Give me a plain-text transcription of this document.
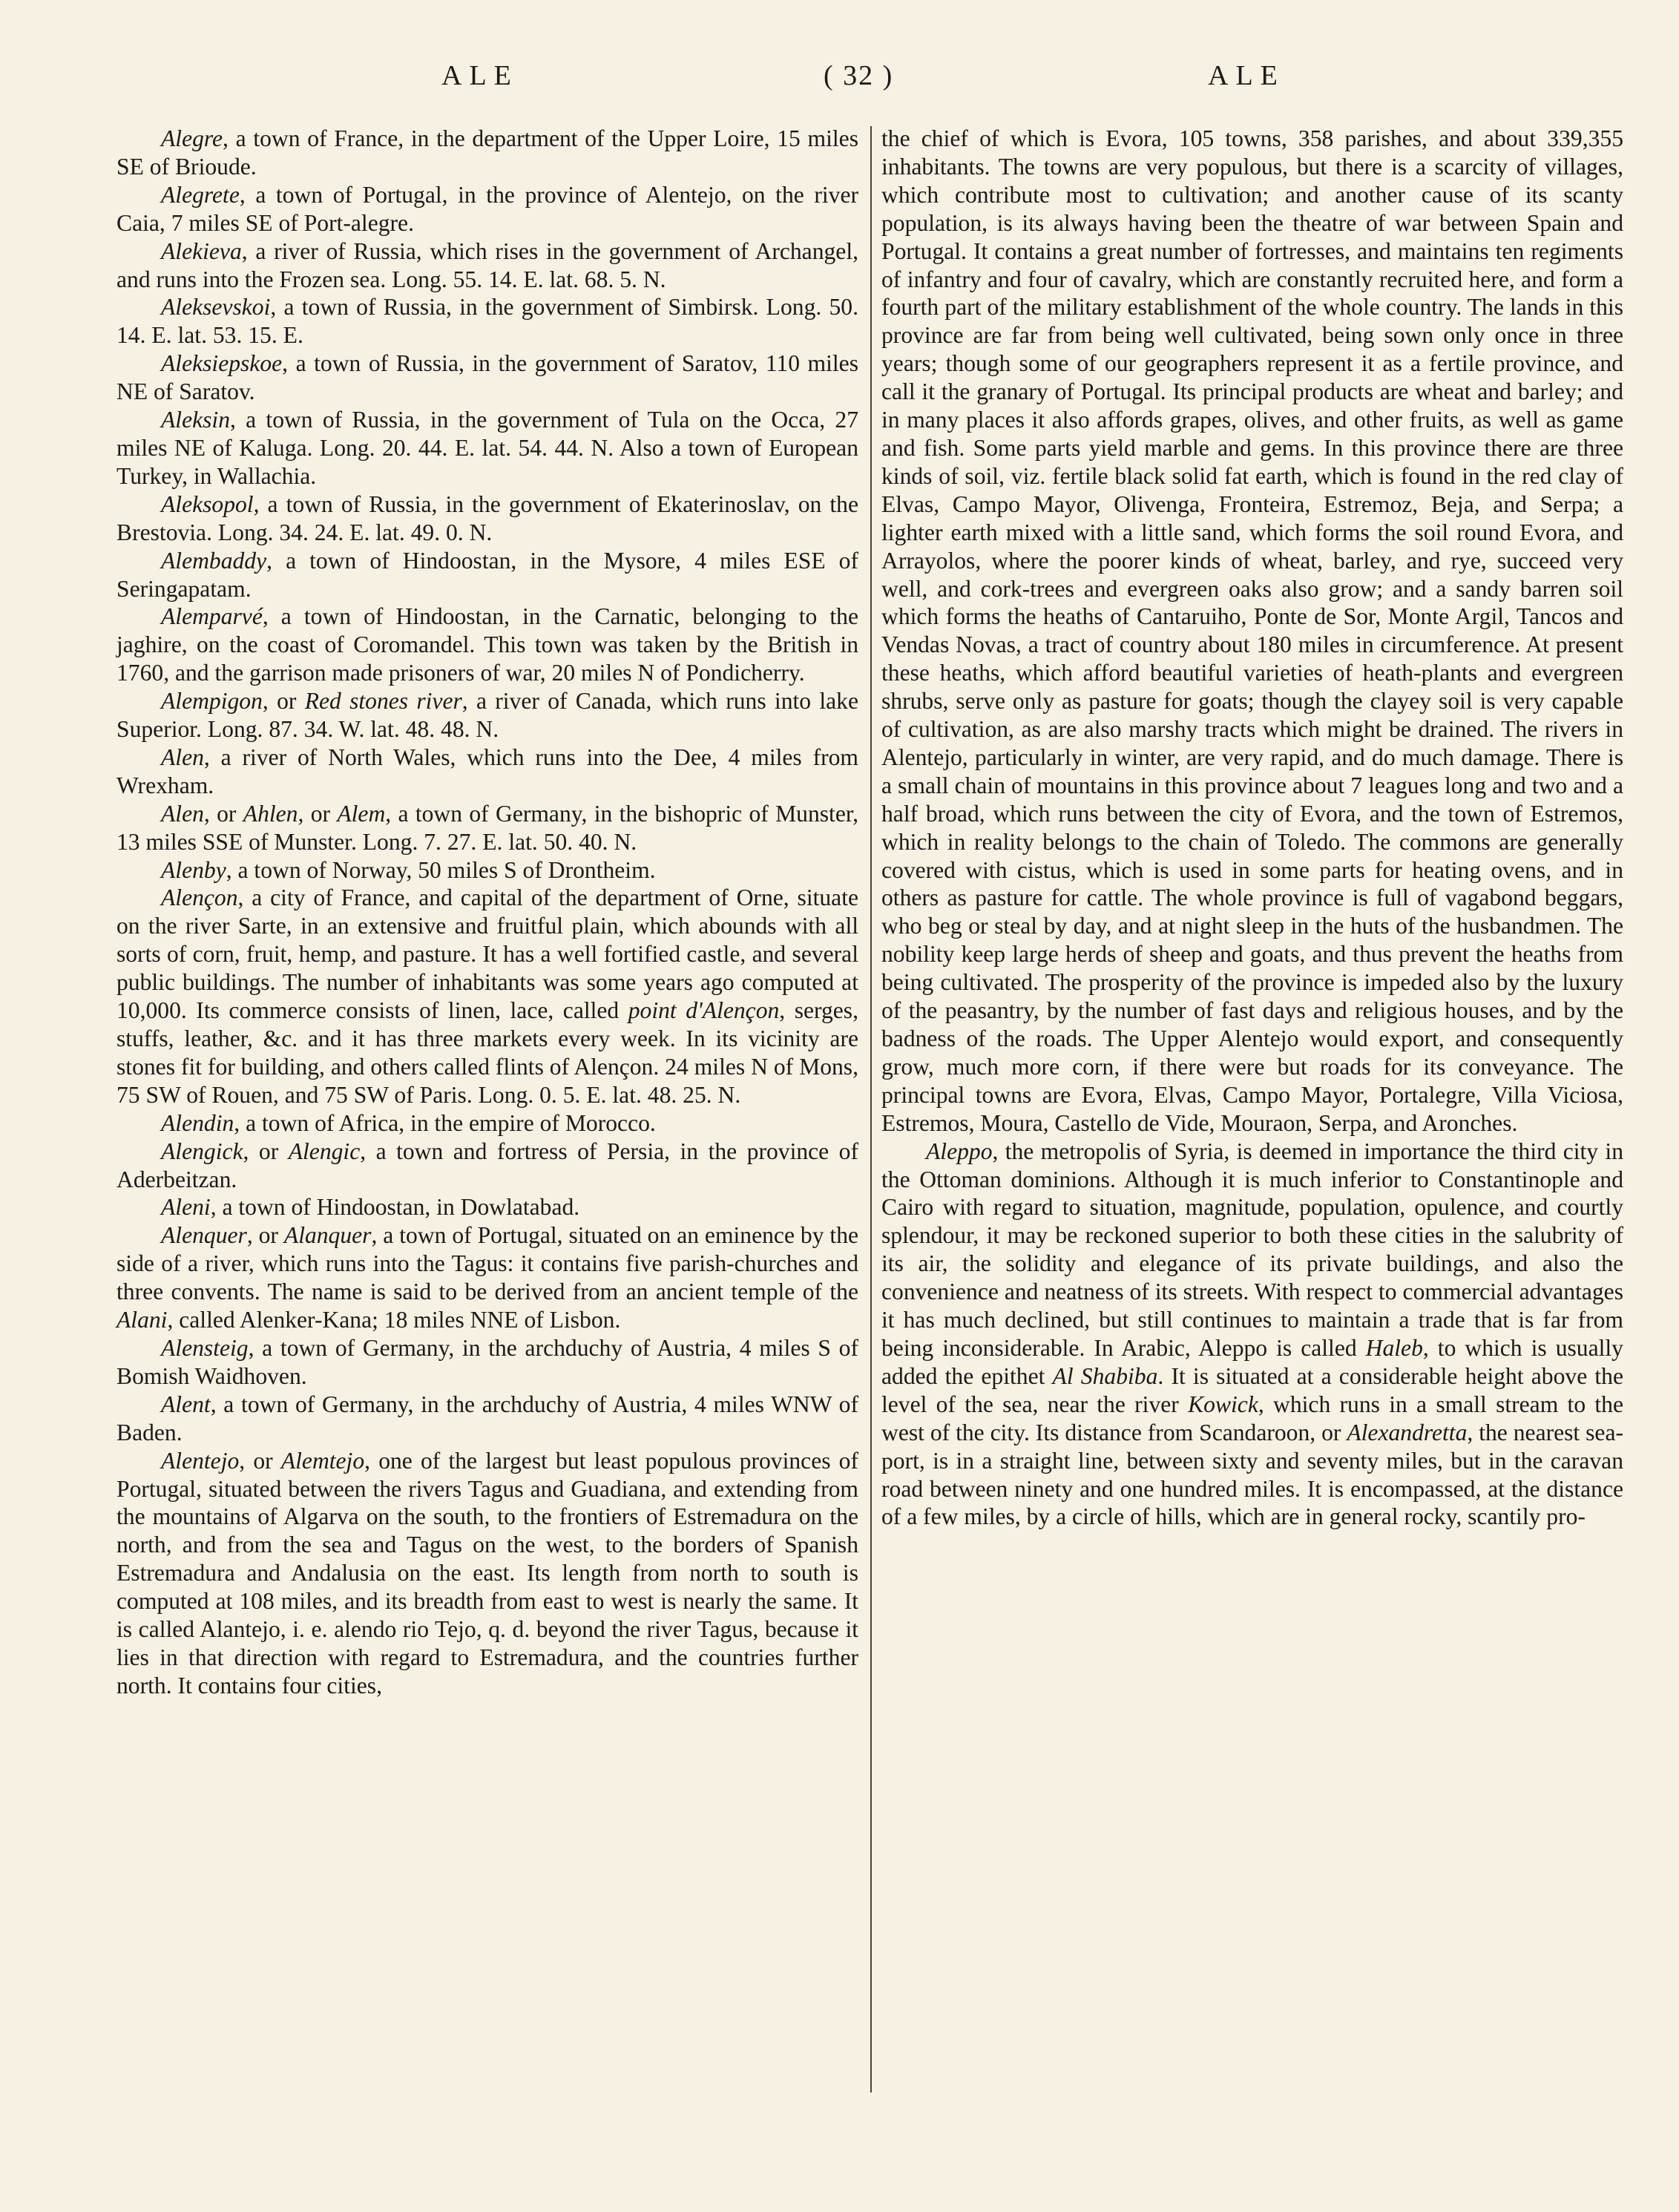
ALE	( 32 )	ALE

Alegre, a town of France, in the department of the Upper Loire, 15 miles SE of Brioude.

Alegrete, a town of Portugal, in the province of Alentejo, on the river Caia, 7 miles SE of Port-alegre.

Alekieva, a river of Russia, which rises in the government of Archangel, and runs into the Frozen sea. Long. 55. 14. E. lat. 68. 5. N.

Aleksevskoi, a town of Russia, in the government of Simbirsk. Long. 50. 14. E. lat. 53. 15. E.

Aleksiepskoe, a town of Russia, in the government of Saratov, 110 miles NE of Saratov.

Aleksin, a town of Russia, in the government of Tula on the Occa, 27 miles NE of Kaluga. Long. 20. 44. E. lat. 54. 44. N. Also a town of European Turkey, in Wallachia.

Aleksopol, a town of Russia, in the government of Ekaterinoslav, on the Brestovia. Long. 34. 24. E. lat. 49. 0. N.

Alembaddy, a town of Hindoostan, in the Mysore, 4 miles ESE of Seringapatam.

Alemparvé, a town of Hindoostan, in the Carnatic, belonging to the jaghire, on the coast of Coromandel. This town was taken by the British in 1760, and the garrison made prisoners of war, 20 miles N of Pondicherry.

Alempigon, or Red stones river, a river of Canada, which runs into lake Superior. Long. 87. 34. W. lat. 48. 48. N.

Alen, a river of North Wales, which runs into the Dee, 4 miles from Wrexham.

Alen, or Ahlen, or Alem, a town of Germany, in the bishopric of Munster, 13 miles SSE of Munster. Long. 7. 27. E. lat. 50. 40. N.

Alenby, a town of Norway, 50 miles S of Drontheim.

Alençon, a city of France, and capital of the department of Orne, situate on the river Sarte, in an extensive and fruitful plain, which abounds with all sorts of corn, fruit, hemp, and pasture. It has a well fortified castle, and several public buildings. The number of inhabitants was some years ago computed at 10,000. Its commerce consists of linen, lace, called point d'Alençon, serges, stuffs, leather, &c. and it has three markets every week. In its vicinity are stones fit for building, and others called flints of Alençon. 24 miles N of Mons, 75 SW of Rouen, and 75 SW of Paris. Long. 0. 5. E. lat. 48. 25. N.

Alendin, a town of Africa, in the empire of Morocco.

Alengick, or Alengic, a town and fortress of Persia, in the province of Aderbeitzan.

Aleni, a town of Hindoostan, in Dowlatabad.

Alenquer, or Alanquer, a town of Portugal, situated on an eminence by the side of a river, which runs into the Tagus: it contains five parish-churches and three convents. The name is said to be derived from an ancient temple of the Alani, called Alenker-Kana; 18 miles NNE of Lisbon.

Alensteig, a town of Germany, in the archduchy of Austria, 4 miles S of Bomish Waidhoven.

Alent, a town of Germany, in the archduchy of Austria, 4 miles WNW of Baden.

Alentejo, or Alemtejo, one of the largest but least populous provinces of Portugal, situated between the rivers Tagus and Guadiana, and extending from the mountains of Algarva on the south, to the frontiers of Estremadura on the north, and from the sea and Tagus on the west, to the borders of Spanish Estremadura and Andalusia on the east. Its length from north to south is computed at 108 miles, and its breadth from east to west is nearly the same. It is called Alantejo, i. e. alendo rio Tejo, q. d. beyond the river Tagus, because it lies in that direction with regard to Estremadura, and the countries further north. It contains four cities,

the chief of which is Evora, 105 towns, 358 parishes, and about 339,355 inhabitants. The towns are very populous, but there is a scarcity of villages, which contribute most to cultivation; and another cause of its scanty population, is its always having been the theatre of war between Spain and Portugal. It contains a great number of fortresses, and maintains ten regiments of infantry and four of cavalry, which are constantly recruited here, and form a fourth part of the military establishment of the whole country. The lands in this province are far from being well cultivated, being sown only once in three years; though some of our geographers represent it as a fertile province, and call it the granary of Portugal. Its principal products are wheat and barley; and in many places it also affords grapes, olives, and other fruits, as well as game and fish. Some parts yield marble and gems. In this province there are three kinds of soil, viz. fertile black solid fat earth, which is found in the red clay of Elvas, Campo Mayor, Olivenga, Fronteira, Estremoz, Beja, and Serpa; a lighter earth mixed with a little sand, which forms the soil round Evora, and Arrayolos, where the poorer kinds of wheat, barley, and rye, succeed very well, and cork-trees and evergreen oaks also grow; and a sandy barren soil which forms the heaths of Cantaruiho, Ponte de Sor, Monte Argil, Tancos and Vendas Novas, a tract of country about 180 miles in circumference. At present these heaths, which afford beautiful varieties of heath-plants and evergreen shrubs, serve only as pasture for goats; though the clayey soil is very capable of cultivation, as are also marshy tracts which might be drained. The rivers in Alentejo, particularly in winter, are very rapid, and do much damage. There is a small chain of mountains in this province about 7 leagues long and two and a half broad, which runs between the city of Evora, and the town of Estremos, which in reality belongs to the chain of Toledo. The commons are generally covered with cistus, which is used in some parts for heating ovens, and in others as pasture for cattle. The whole province is full of vagabond beggars, who beg or steal by day, and at night sleep in the huts of the husbandmen. The nobility keep large herds of sheep and goats, and thus prevent the heaths from being cultivated. The prosperity of the province is impeded also by the luxury of the peasantry, by the number of fast days and religious houses, and by the badness of the roads. The Upper Alentejo would export, and consequently grow, much more corn, if there were but roads for its conveyance. The principal towns are Evora, Elvas, Campo Mayor, Portalegre, Villa Viciosa, Estremos, Moura, Castello de Vide, Mouraon, Serpa, and Aronches.

Aleppo, the metropolis of Syria, is deemed in importance the third city in the Ottoman dominions. Although it is much inferior to Constantinople and Cairo with regard to situation, magnitude, population, opulence, and courtly splendour, it may be reckoned superior to both these cities in the salubrity of its air, the solidity and elegance of its private buildings, and also the convenience and neatness of its streets. With respect to commercial advantages it has much declined, but still continues to maintain a trade that is far from being inconsiderable. In Arabic, Aleppo is called Haleb, to which is usually added the epithet Al Shabiba. It is situated at a considerable height above the level of the sea, near the river Kowick, which runs in a small stream to the west of the city. Its distance from Scandaroon, or Alexandretta, the nearest sea-port, is in a straight line, between sixty and seventy miles, but in the caravan road between ninety and one hundred miles. It is encompassed, at the distance of a few miles, by a circle of hills, which are in general rocky, scantily pro-
